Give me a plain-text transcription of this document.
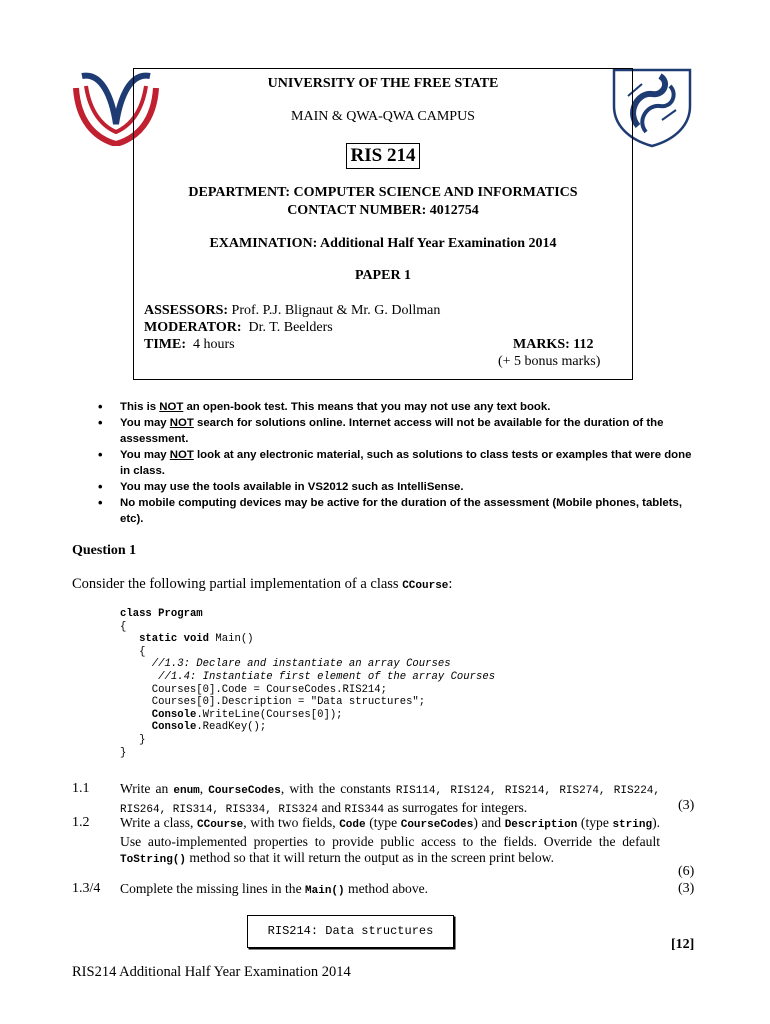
UNIVERSITY OF THE FREE STATE
MAIN & QWA-QWA CAMPUS
RIS 214
DEPARTMENT: COMPUTER SCIENCE AND INFORMATICS
CONTACT NUMBER: 4012754
EXAMINATION: Additional Half Year Examination 2014
PAPER 1
ASSESSORS: Prof. P.J. Blignaut & Mr. G. Dollman
MODERATOR:  Dr. T. Beelders
TIME:  4 hours	MARKS: 112
(+ 5 bonus marks)
• This is NOT an open-book test. This means that you may not use any text book.
• You may NOT search for solutions online. Internet access will not be available for the duration of the assessment.
• You may NOT look at any electronic material, such as solutions to class tests or examples that were done in class.
• You may use the tools available in VS2012 such as IntelliSense.
• No mobile computing devices may be active for the duration of the assessment (Mobile phones, tablets, etc).
Question 1
Consider the following partial implementation of a class CCourse:
class Program
{
static void Main()
{
//1.3: Declare and instantiate an array Courses
//1.4: Instantiate first element of the array Courses
Courses[0].Code = CourseCodes.RIS214;
Courses[0].Description = "Data structures";
Console.WriteLine(Courses[0]);
Console.ReadKey();
}
}
1.1 Write an enum, CourseCodes, with the constants RIS114, RIS124, RIS214, RIS274, RIS224, RIS264, RIS314, RIS334, RIS324 and RIS344 as surrogates for integers.	(3)
1.2 Write a class, CCourse, with two fields, Code (type CourseCodes) and Description (type string). Use auto-implemented properties to provide public access to the fields. Override the default ToString() method so that it will return the output as in the screen print below.
(6)
1.3/4 Complete the missing lines in the Main() method above.	(3)
RIS214: Data structures
[12]
RIS214 Additional Half Year Examination 2014
